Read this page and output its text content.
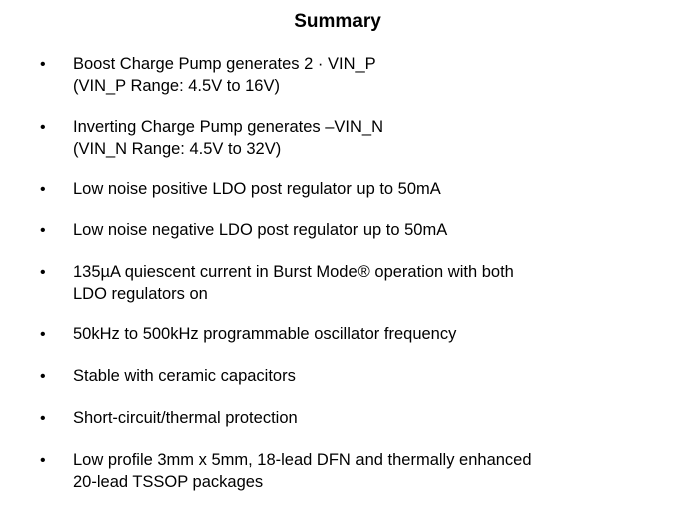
Summary
• Boost Charge Pump generates 2 · VIN_P
(VIN_P Range: 4.5V to 16V)
• Inverting Charge Pump generates –VIN_N
(VIN_N Range: 4.5V to 32V)
• Low noise positive LDO post regulator up to 50mA
• Low noise negative LDO post regulator up to 50mA
• 135µA quiescent current in Burst Mode® operation with both
LDO regulators on
• 50kHz to 500kHz programmable oscillator frequency
• Stable with ceramic capacitors
• Short-circuit/thermal protection
• Low profile 3mm x 5mm, 18-lead DFN and thermally enhanced
20-lead TSSOP packages
